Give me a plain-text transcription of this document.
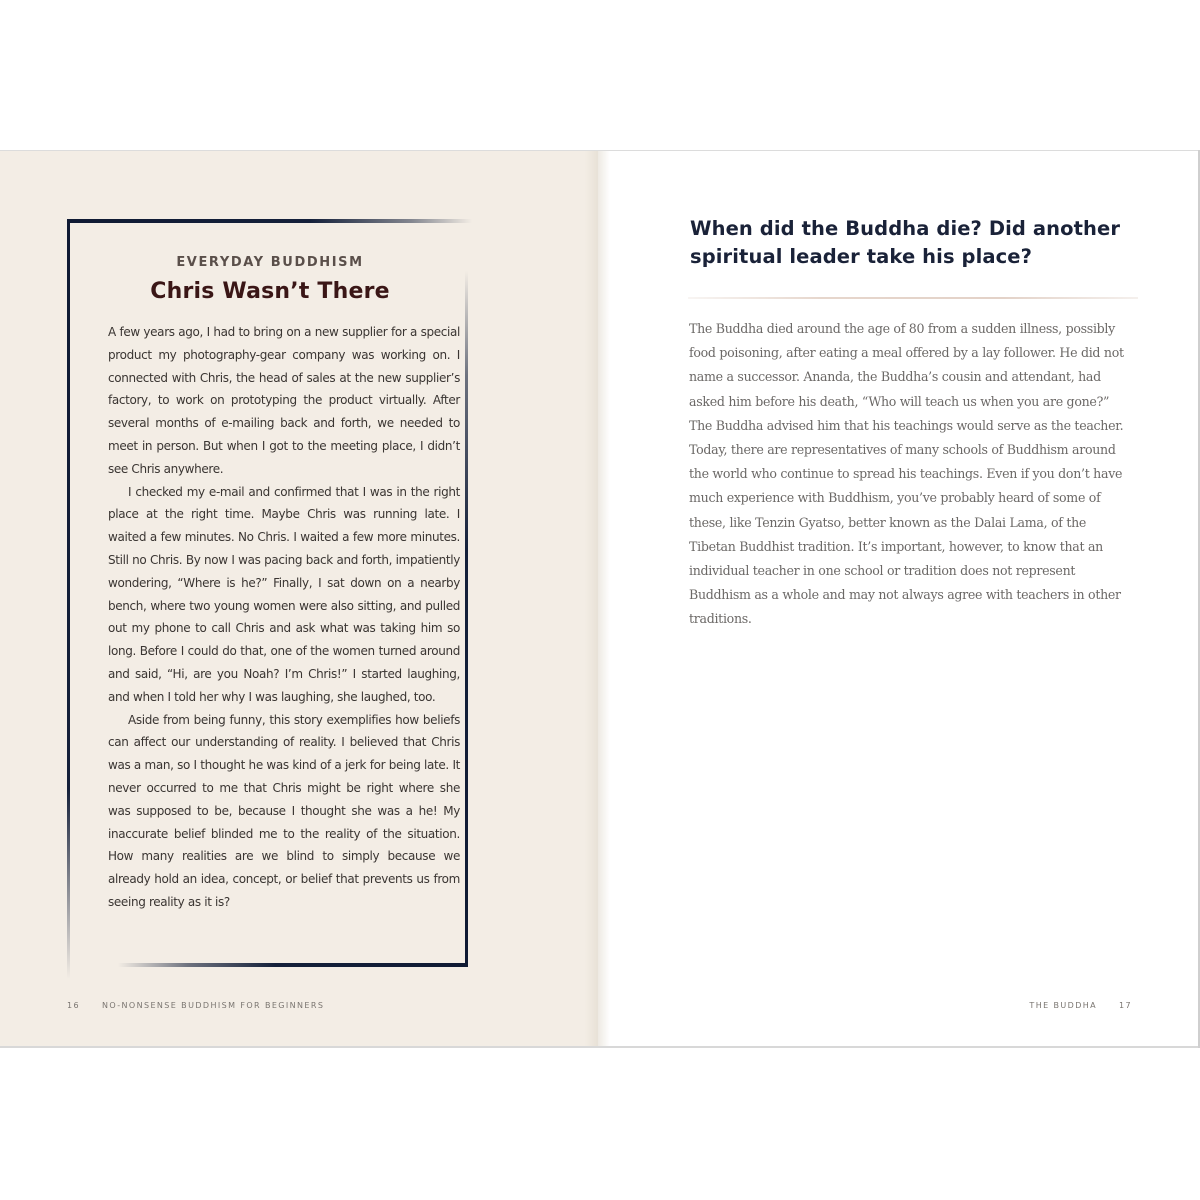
EVERYDAY BUDDHISM
Chris Wasn’t There

A few years ago, I had to bring on a new supplier for a special product my photography-gear company was working on. I connected with Chris, the head of sales at the new supplier’s factory, to work on prototyping the product virtually. After several months of e-mailing back and forth, we needed to meet in person. But when I got to the meeting place, I didn’t see Chris anywhere.

I checked my e-mail and confirmed that I was in the right place at the right time. Maybe Chris was running late. I waited a few minutes. No Chris. I waited a few more minutes. Still no Chris. By now I was pacing back and forth, impatiently wondering, “Where is he?” Finally, I sat down on a nearby bench, where two young women were also sitting, and pulled out my phone to call Chris and ask what was taking him so long. Before I could do that, one of the women turned around and said, “Hi, are you Noah? I’m Chris!” I started laughing, and when I told her why I was laughing, she laughed, too.

Aside from being funny, this story exemplifies how beliefs can affect our understanding of reality. I believed that Chris was a man, so I thought he was kind of a jerk for being late. It never occurred to me that Chris might be right where she was supposed to be, because I thought she was a he! My inaccurate belief blinded me to the reality of the situation. How many realities are we blind to simply because we already hold an idea, concept, or belief that prevents us from seeing reality as it is?

16	NO-NONSENSE BUDDHISM FOR BEGINNERS
When did the Buddha die? Did another spiritual leader take his place?

The Buddha died around the age of 80 from a sudden illness, possibly food poisoning, after eating a meal offered by a lay follower. He did not name a successor. Ananda, the Buddha’s cousin and attendant, had asked him before his death, “Who will teach us when you are gone?” The Buddha advised him that his teachings would serve as the teacher. Today, there are representatives of many schools of Buddhism around the world who continue to spread his teachings. Even if you don’t have much experience with Buddhism, you’ve probably heard of some of these, like Tenzin Gyatso, better known as the Dalai Lama, of the Tibetan Buddhist tradition. It’s important, however, to know that an individual teacher in one school or tradition does not represent Buddhism as a whole and may not always agree with teachers in other traditions.

THE BUDDHA	17
